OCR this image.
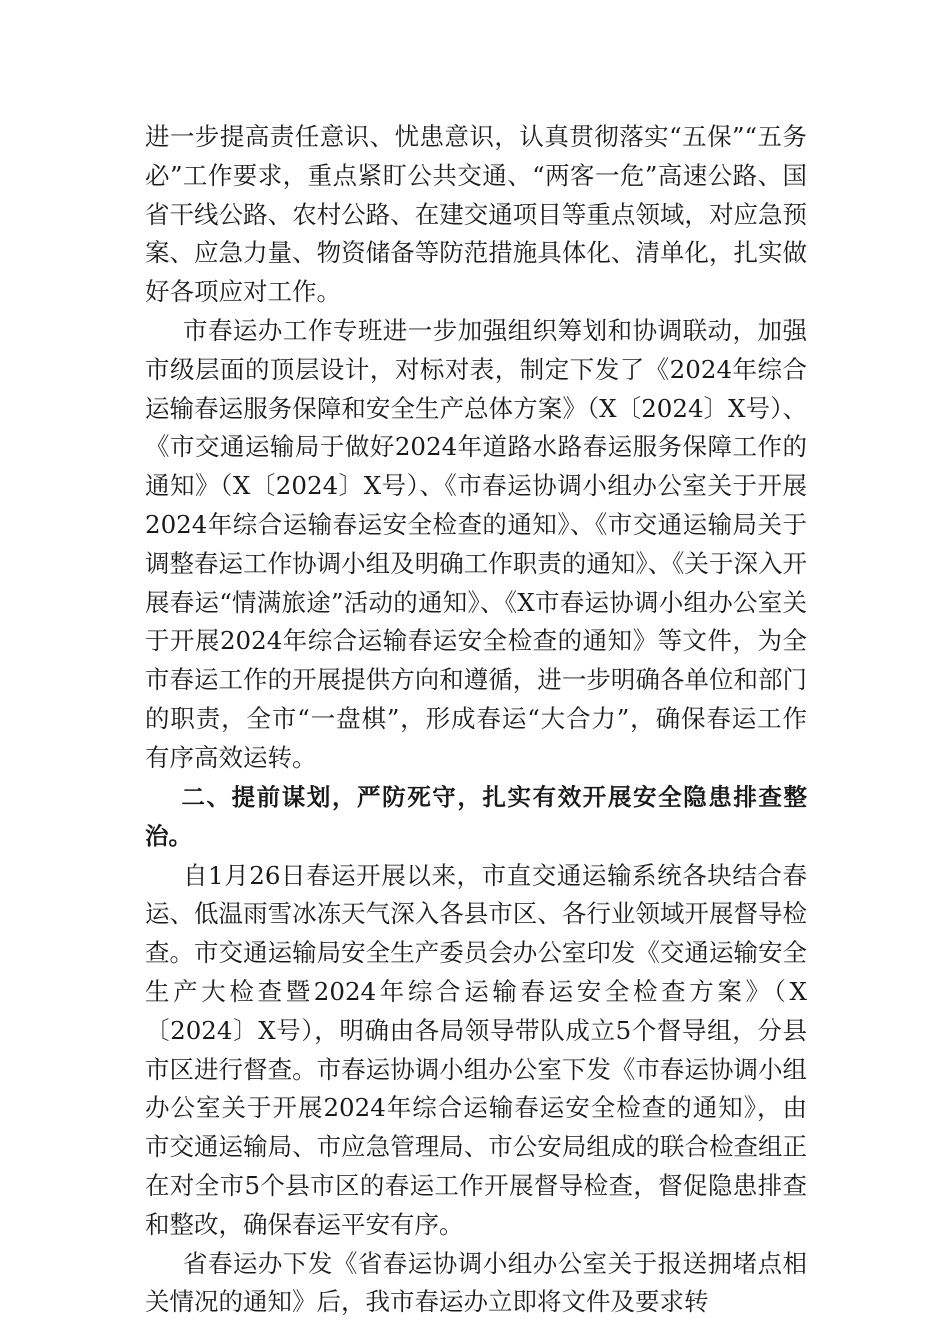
进一步提高责任意识、忧患意识，认真贯彻落实“五保”“五务必”工作要求，重点紧盯公共交通、“两客一危”高速公路、国省干线公路、农村公路、在建交通项目等重点领域，对应急预案、应急力量、物资储备等防范措施具体化、清单化，扎实做好各项应对工作。

市春运办工作专班进一步加强组织筹划和协调联动，加强市级层面的顶层设计，对标对表，制定下发了《2024年综合运输春运服务保障和安全生产总体方案》（X〔2024〕X号）、《市交通运输局于做好2024年道路水路春运服务保障工作的通知》（X〔2024〕X号）、《市春运协调小组办公室关于开展2024年综合运输春运安全检查的通知》、《市交通运输局关于调整春运工作协调小组及明确工作职责的通知》、《关于深入开展春运“情满旅途”活动的通知》、《X市春运协调小组办公室关于开展2024年综合运输春运安全检查的通知》等文件，为全市春运工作的开展提供方向和遵循，进一步明确各单位和部门的职责，全市“一盘棋”，形成春运“大合力”，确保春运工作有序高效运转。

二、提前谋划，严防死守，扎实有效开展安全隐患排查整治。

自1月26日春运开展以来，市直交通运输系统各块结合春运、低温雨雪冰冻天气深入各县市区、各行业领域开展督导检查。市交通运输局安全生产委员会办公室印发《交通运输安全生产大检查暨2024年综合运输春运安全检查方案》（X〔2024〕X号），明确由各局领导带队成立5个督导组，分县市区进行督查。市春运协调小组办公室下发《市春运协调小组办公室关于开展2024年综合运输春运安全检查的通知》，由市交通运输局、市应急管理局、市公安局组成的联合检查组正在对全市5个县市区的春运工作开展督导检查，督促隐患排查和整改，确保春运平安有序。

省春运办下发《省春运协调小组办公室关于报送拥堵点相关情况的通知》后，我市春运办立即将文件及要求转
